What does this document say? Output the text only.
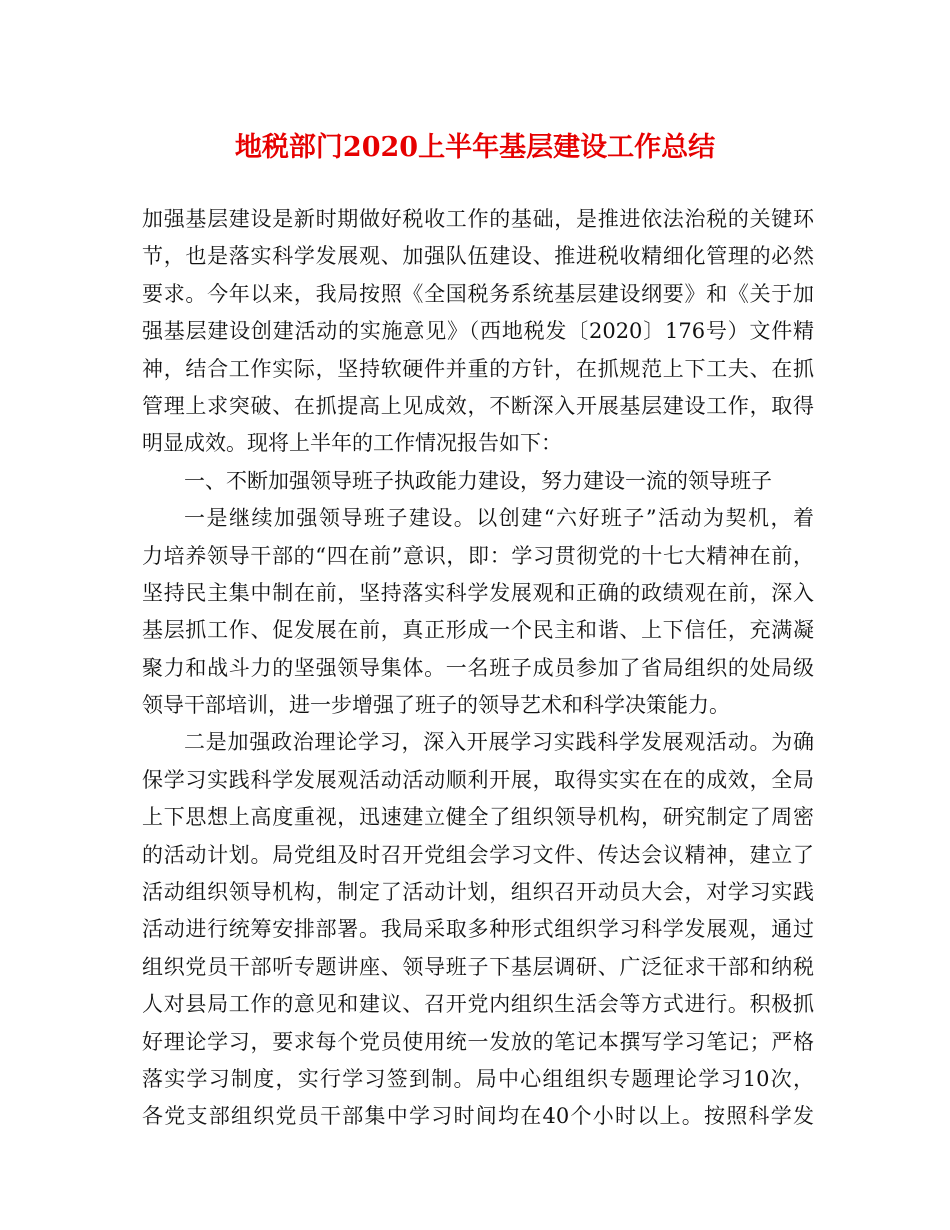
地税部门2020上半年基层建设工作总结
加强基层建设是新时期做好税收工作的基础，是推进依法治税的关键环
节，也是落实科学发展观、加强队伍建设、推进税收精细化管理的必然
要求。今年以来，我局按照《全国税务系统基层建设纲要》和《关于加
强基层建设创建活动的实施意见》（西地税发〔2020〕176号）文件精
神，结合工作实际，坚持软硬件并重的方针，在抓规范上下工夫、在抓
管理上求突破、在抓提高上见成效，不断深入开展基层建设工作，取得
明显成效。现将上半年的工作情况报告如下：
一、不断加强领导班子执政能力建设，努力建设一流的领导班子
一是继续加强领导班子建设。以创建“六好班子”活动为契机，着
力培养领导干部的“四在前”意识，即：学习贯彻党的十七大精神在前，
坚持民主集中制在前，坚持落实科学发展观和正确的政绩观在前，深入
基层抓工作、促发展在前，真正形成一个民主和谐、上下信任，充满凝
聚力和战斗力的坚强领导集体。一名班子成员参加了省局组织的处局级
领导干部培训，进一步增强了班子的领导艺术和科学决策能力。
二是加强政治理论学习，深入开展学习实践科学发展观活动。为确
保学习实践科学发展观活动活动顺利开展，取得实实在在的成效，全局
上下思想上高度重视，迅速建立健全了组织领导机构，研究制定了周密
的活动计划。局党组及时召开党组会学习文件、传达会议精神，建立了
活动组织领导机构，制定了活动计划，组织召开动员大会，对学习实践
活动进行统筹安排部署。我局采取多种形式组织学习科学发展观，通过
组织党员干部听专题讲座、领导班子下基层调研、广泛征求干部和纳税
人对县局工作的意见和建议、召开党内组织生活会等方式进行。积极抓
好理论学习，要求每个党员使用统一发放的笔记本撰写学习笔记；严格
落实学习制度，实行学习签到制。局中心组组织专题理论学习10次，
各党支部组织党员干部集中学习时间均在40个小时以上。按照科学发
